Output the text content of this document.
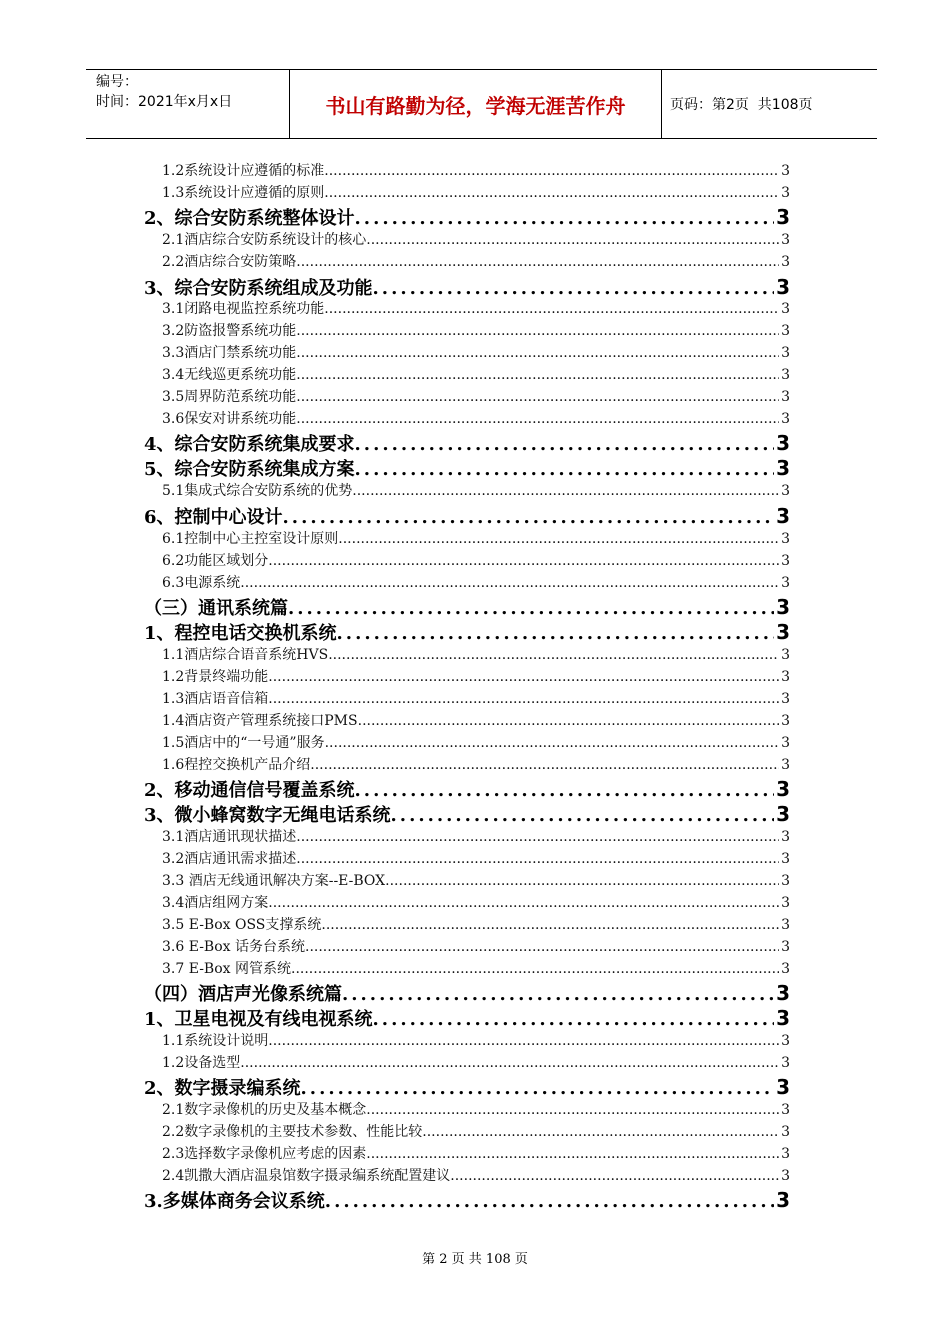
编号：
时间：2021年x月x日	书山有路勤为径，学海无涯苦作舟	页码：第2页  共108页
1.2系统设计应遵循的标准 .....	3
1.3系统设计应遵循的原则 .....	3
2、综合安防系统整体设计 .....	3
2.1酒店综合安防系统设计的核心 .....	3
2.2酒店综合安防策略 .....	3
3、综合安防系统组成及功能 .....	3
3.1闭路电视监控系统功能 .....	3
3.2防盗报警系统功能 .....	3
3.3酒店门禁系统功能 .....	3
3.4无线巡更系统功能 .....	3
3.5周界防范系统功能 .....	3
3.6保安对讲系统功能 .....	3
4、综合安防系统集成要求 .....	3
5、综合安防系统集成方案 .....	3
5.1集成式综合安防系统的优势 .....	3
6、控制中心设计 .....	3
6.1控制中心主控室设计原则 .....	3
6.2功能区域划分 .....	3
6.3电源系统 .....	3
（三）通讯系统篇 .....	3
1、程控电话交换机系统 .....	3
1.1酒店综合语音系统HVS .....	3
1.2背景终端功能 .....	3
1.3酒店语音信箱 .....	3
1.4酒店资产管理系统接口PMS .....	3
1.5酒店中的“一号通”服务 .....	3
1.6程控交换机产品介绍 .....	3
2、移动通信信号覆盖系统 .....	3
3、微小蜂窝数字无绳电话系统 .....	3
3.1酒店通讯现状描述 .....	3
3.2酒店通讯需求描述 .....	3
3.3 酒店无线通讯解决方案--E-BOX .....	3
3.4酒店组网方案 .....	3
3.5 E-Box OSS支撑系统 .....	3
3.6 E-Box 话务台系统 .....	3
3.7 E-Box 网管系统 .....	3
（四）酒店声光像系统篇 .....	3
1、卫星电视及有线电视系统 .....	3
1.1系统设计说明 .....	3
1.2设备选型 .....	3
2、数字摄录编系统 .....	3
2.1数字录像机的历史及基本概念 .....	3
2.2数字录像机的主要技术参数、性能比较 .....	3
2.3选择数字录像机应考虑的因素 .....	3
2.4凯撒大酒店温泉馆数字摄录编系统配置建议 .....	3
3.多媒体商务会议系统 .....	3
第 2 页 共 108 页
